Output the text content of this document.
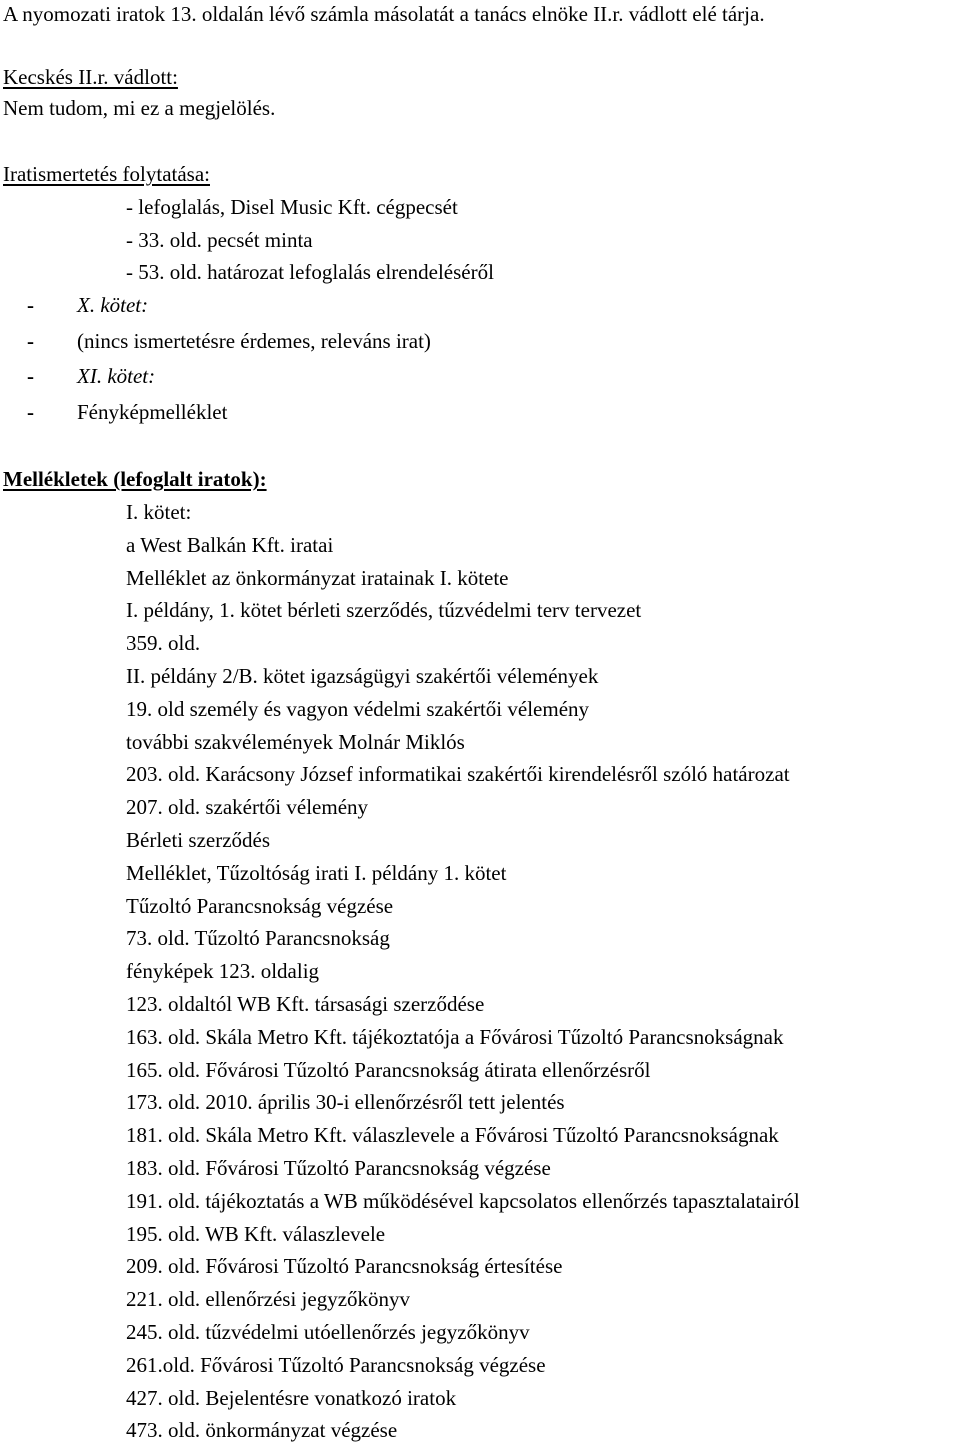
A nyomozati iratok 13. oldalán lévő számla másolatát a tanács elnöke II.r. vádlott elé tárja.
Kecskés II.r. vádlott:
Nem tudom, mi ez a megjelölés.
Iratismertetés folytatása:
- lefoglalás, Disel Music Kft. cégpecsét
- 33. old. pecsét minta
- 53. old. határozat lefoglalás elrendeléséről
- X. kötet:
- (nincs ismertetésre érdemes, releváns irat)
- XI. kötet:
- Fényképmelléklet
Mellékletek (lefoglalt iratok):
I. kötet:
a West Balkán Kft. iratai
Melléklet az önkormányzat iratainak I. kötete
I. példány, 1. kötet bérleti szerződés, tűzvédelmi terv tervezet
359. old.
II. példány 2/B. kötet igazságügyi szakértői vélemények
19. old személy és vagyon védelmi szakértői vélemény
további szakvélemények Molnár Miklós
203. old. Karácsony József informatikai szakértői kirendelésről szóló határozat
207. old. szakértői vélemény
Bérleti szerződés
Melléklet, Tűzoltóság irati I. példány 1. kötet
Tűzoltó Parancsnokság végzése
73. old. Tűzoltó Parancsnokság
fényképek 123. oldalig
123. oldaltól WB Kft. társasági szerződése
163. old. Skála Metro Kft. tájékoztatója a Fővárosi Tűzoltó Parancsnokságnak
165. old. Fővárosi Tűzoltó Parancsnokság átirata ellenőrzésről
173. old. 2010. április 30-i ellenőrzésről tett jelentés
181. old. Skála Metro Kft. válaszlevele a Fővárosi Tűzoltó Parancsnokságnak
183. old. Fővárosi Tűzoltó Parancsnokság végzése
191. old. tájékoztatás a WB működésével kapcsolatos ellenőrzés tapasztalatairól
195. old. WB Kft. válaszlevele
209. old. Fővárosi Tűzoltó Parancsnokság értesítése
221. old. ellenőrzési jegyzőkönyv
245. old. tűzvédelmi utóellenőrzés jegyzőkönyv
261.old. Fővárosi Tűzoltó Parancsnokság végzése
427. old. Bejelentésre vonatkozó iratok
473. old. önkormányzat végzése
